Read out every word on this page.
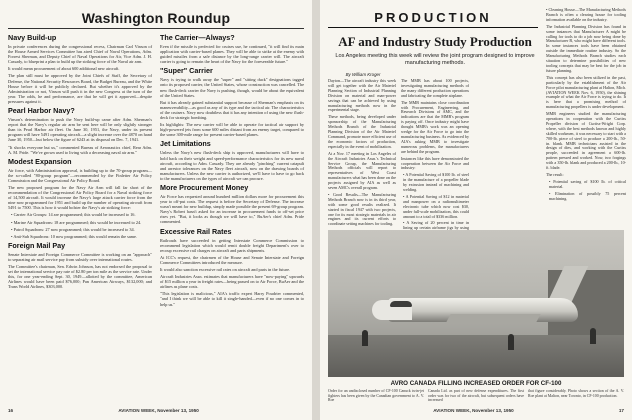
Washington Roundup
Navy Build-up
In private conferences during the congressional recess, Chairman Carl Vinson of the House Armed Services Committee has aired Chief of Naval Operations, Adm. Forrest Sherman, and Deputy Chief of Naval Operations for Air, Vice Adm. J. H. Cassady, to blueprint a plan to build up the striking force of the Naval air arm.
It would mean procurement of about 600 additional new aircraft.
The plan still must be approved by the Joint Chiefs of Staff, the Secretary of Defense, the National Security Resources Board, the Budget Bureau, and the White House before it will be publicly declared. But whether it's approved by the Administration or not, Vinson will push it in the new Congress at the turn of the year. The odds, he and performance, are that he will get it approved—despite pressures against it.
Pearl Harbor Navy?
Vinson's determination to push the Navy build-up came after Adm. Sherman's report that the Navy's regular air arm be sent here will be only slightly stronger than its Pearl Harbor air fleet. On June 30, 1951, the Navy, under its present program will have 5491 operating aircraft—a slight increase over the 4870 on hand June 30, 1950—but below the figure of 6243 at its disposal on Dec. 7, 1941.
"It shocks everyone but us," commented Bureau of Aeronautics chief, Rear Adm. A. M. Pride. "We've grown used to living with a decreasing naval air arm."
Modest Expansion
Air force, with Administration approval, is building up to the 70-group program—the so-called "80-group program"—recommended by the Finletter Air Policy Commission and the Congressional Air Policy Board.
The new proposed program for the Navy Air Arm will fall far short of the recommendation of the Congressional Air Policy Board for a Naval striking force of 14,500 aircraft. It would increase the Navy's large attack carrier force from the nine now programmed for 1951 and build up the number of operating aircraft from 5491 to 7500. This is how it would bolster the Navy's air striking force:
• Carrier Air Groups: 14 are programmed; this would be increased to 16.
• Marine Air Squadrons: 18 are programmed; this would be increased to 24.
• Patrol Squadrons: 27 now programmed; this would be increased to 34.
• Anti-Sub Squadrons: 10 now programmed; this would remain the same.
Foreign Mail Pay
Senate Interstate and Foreign Commerce Committee is working on an "approach" to separating air mail service pay from subsidy over international routes.
The Committee's chairman, Sen. Edwin Johnson, has not endorsed the proposal to set the international service pay rate of $2.80 per ton mile as the service rate. Under this, for one year-ending Sept. 30, 1949—allotted by the committee, American Airlines would have been paid $76,000; Pan American Airways, $132,000; and Trans World Airlines, $303,000.
The Carrier—Always?
Even if the missile is perfected for cruises use, he continued, "it will find its main application with carrier-based planes. They will be able to strike at the enemy with guided missiles from a safe distance by the long-range carrier will. The aircraft carrier is going to remain the heart of the Navy for the foreseeable future."
"Super" Carrier
Navy is trying to walk away the "super" and "sitting duck" designations tagged onto its proposed carrier, the United States, whose construction was cancelled. The new flush-deck carrier the Navy is pushing, though, would be about the equivalent of the United States.
But it has already gained substantial support because of Sherman's emphasis on its maneuverability—as good as any of its type and the tactical air. The characteristics of the cruisers. Navy now doubtless that it has any intention of using the new flush-deck for strategic bombing.
Its highlights: The new carrier will be able to operate for tactical air support by high-powered jets from some 600 miles distant from an enemy target, compared to the some 300-mile range for present carrier-based planes.
Jet Limitations
Unless the Navy's new flush-deck ship is approved, manufacturers will have to hold back on their weight and speed-performance characteristics for its new naval aircraft, according to Adm. Cassady. They are already "pinching" current catapult and arrestor tolerances on the Navy fleet aircraft, now on the drawing boards of manufacturers. Unless the new carrier is authorized, we'll have to have to go back to the manufacturers on the types of aircraft we can procure.
More Procurement Money
Air Force has requested around hundred million dollars more for procurement this year to off-put costs. The request is before the Secretary of Defense. The increase wasn't meant for new buildup, simply made possible the present 69-group program. Navy's Robert hasn't asked for an increase in procurement funds to off-set price rises yet. "But, it looks as though we will have to," BuAer's chief Adm. Pride commented.
Excessive Rail Rates
Railroads have succeeded in getting Interstate Commerce Commission to recommend legislation which would remit double freight Department's over to recoup excessive rail charges on aircraft and parts shipments.
At ICC's request, the chairmen of the House and Senate Interstate and Foreign Commerce Committees introduced the measure.
It would also sanction excessive rail rates on aircraft and parts in the future.
Aircraft Industries Assn. estimates that manufacturers have "now-paying" upwards of $15 million a year in freight rates—being passed on to Air Force, BuAer and the airlines as plane costs.
"This legislation is malicious," AIA's traffic expert Harry Poudrier commented, "and I think we will be able to kill it single-handed—even if no one comes in to help us."
16	AVIATION WEEK, November 13, 1950
PRODUCTION
• Cleaning House—The Manufacturing Methods Branch is often a clearing house for tooling information available on the industry.
The Industrial Planning Division has found in some instances that Manufacturer A might be calling for tools to do a job now being done by Manufacturer B, who might have different tools. In some instances tools have been obtained outside the immediate routine industry. So the Manufacturing Methods Branch studies each situation to determine possibilities of new tooling concepts that may be best for the job in future planning.
This concept has also been utilized in the past, particularly by the establishment of the Air Force pilot manufacturing plant at Halton, Mich. (AVIATION WEEK Nov. 6, 1950), the shining example of what the Air Force is trying to do. It is here that a promising method of manufacturing propellers is under development.
MMB engineers studied the manufacturing operations in cooperation with the Curtiss Propeller division of Curtiss-Wright Corp. where, with the best methods known and highly skilled workmen, it was necessary to start with a 700-lb. piece of steel to produce a 200-lb., 50-in. blank. MMB technicians assisted in the design of dies, and working with the Curtiss people, succeeded in agreement a 600-lb. pattern pressed and worked. Now, two forgings with a 350-lb. blank and produced a 200-lb., 10-ft. blade.
The result:
• Potential saving of $100 lb. of critical material.
• Elimination of possibly 75 percent machining.
AF and Industry Study Production
Los Angeles meeting this week will review the joint program designed to improve manufacturing methods.
By William Kroger
Dayton—The aircraft industry this week will get together with the Air Materiel Planning Section of Industrial Planning Division on material and man-power savings that can be achieved by using manufacturing methods now in the experimental stage.
These methods, being developed under sponsorship of the Manufacturing Methods Branch of the Industrial Planning Division of the Air Materiel Command, promote more efficient use of the economic factors of production, especially in the event of mobilization.
At a Nov. 17 meeting in Los Angeles of the Aircraft Industries Assn.'s Technical Service Group, the Manufacturing Methods officials will report to representatives of West Coast manufacturers what has been done on the projects assigned by AIA as well as seven AMC's overall program.
• Good Results—The Manufacturing Methods Branch now is in its third year, with some good results realized. It started in fiscal 1947 with two projects, one for its most strategic materials in air engines and its current efforts to coordinate setting machines for tooling.
The MMB has about 100 projects, investigating manufacturing methods of the many different production operations and fabricating the complete airplane.
The MMB maintains close coordination with Procurement, Engineering, and Research Divisions of AMC, and the indications are that the MMB's program is paying off. Once industry might have thought MMB's work was an opening wedge for the Air Force to go into the manufacturing business. As evidenced by AIA's asking MMB to investigate numerous problems, the manufacturers are behind the program.
Instances like this have demonstrated the cooperation between the Air Force and industry:
• A Potential Saving of $100 lb. of steel in the manufacture of a propeller blade by extrusion instead of machining and welding.
• A Potential Saving of $12 in material and manpower on a radiomultimeter electronic tube which now cost $30, under full-scale mobilization, this could amount to a total of $336 million.
• A Saving of 20 percent in time in lining up certain airframe jigs by using
AVRO CANADA FILLING INCREASED ORDER FOR CF-100
Order for an undisclosed number of CF-100 Canuck twin-jet fighters has been given by the Canadian government to A. V. Roe
Canada Ltd. as part of new defense expenditures. The first order was for two of the aircraft, but subsequent orders have increased
that figure considerably. Photo shows a section of the A. V. Roe plant at Malton, near Toronto, in CF-100 production.
AVIATION WEEK, November 13, 1950	17
